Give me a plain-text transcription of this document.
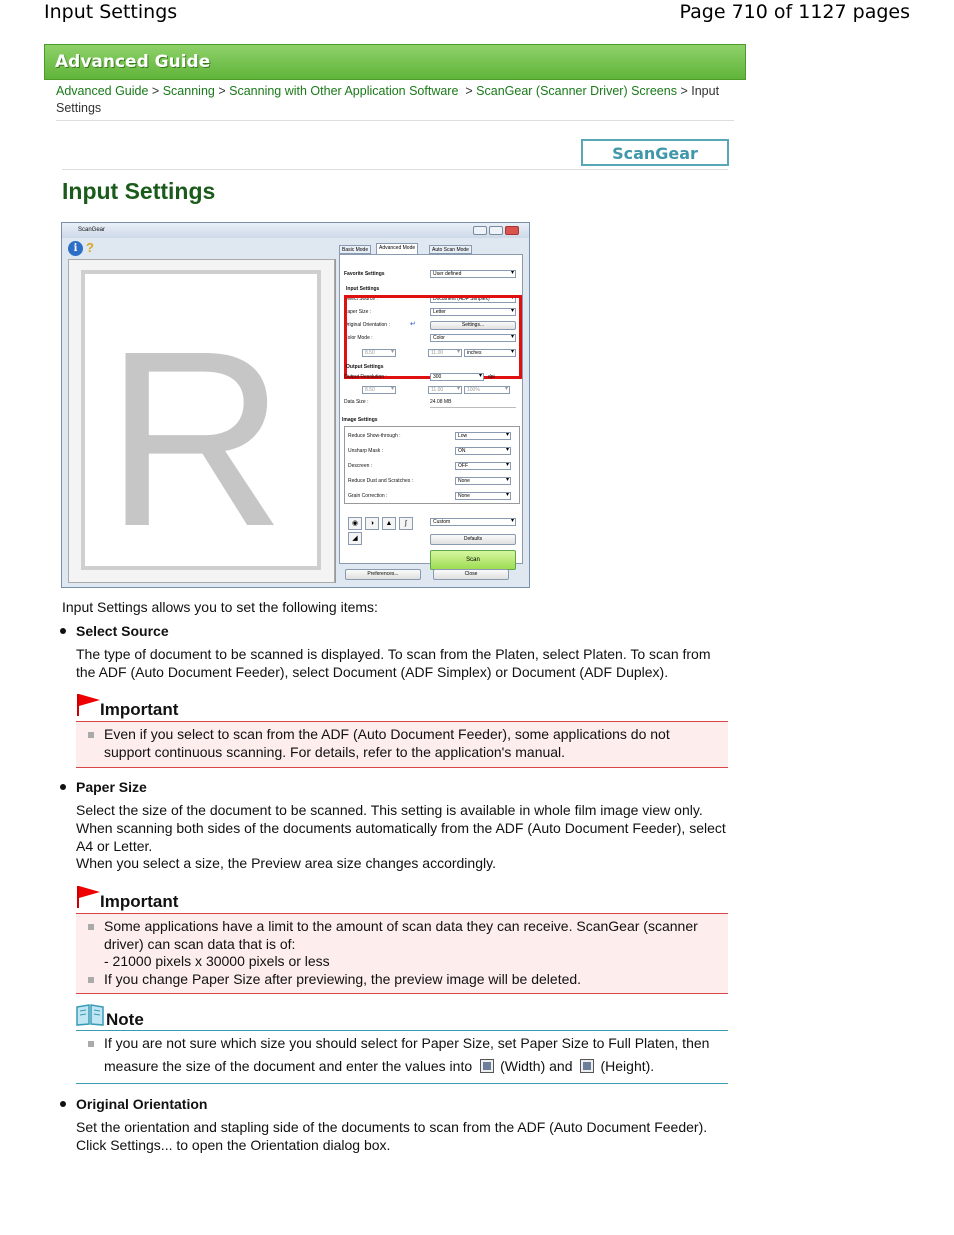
Input Settings	Page 710 of 1127 pages
Advanced Guide
Advanced Guide > Scanning > Scanning with Other Application Software > ScanGear (Scanner Driver) Screens > Input Settings
ScanGear
Input Settings
ScanGear
i ?
R
Basic Mode	Advanced Mode	Auto Scan Mode
Favorite Settings	User defined ▾
Input Settings
Select Source :	Document (ADF Simplex) ▾
Paper Size :	Letter ▾
Original Orientation :	↵	Settings...
Color Mode :	Color ▾
8.50 ▾	11.00 ▾	inches ▾
Output Settings
Output Resolution :	300 ▾	dpi
8.50 ▾	11.00 ▾	100% ▾
Data Size :	24.08 MB
Image Settings
Reduce Show-through :	Low ▾
Unsharp Mask :	ON ▾
Descreen :	OFF ▾
Reduce Dust and Scratches :	None ▾
Grain Correction :	None ▾
◉	◑	▲	∫
◢
Custom ▾
Defaults
Scan
Preferences...	Close
Input Settings allows you to set the following items:
Select Source
The type of document to be scanned is displayed. To scan from the Platen, select Platen. To scan from the ADF (Auto Document Feeder), select Document (ADF Simplex) or Document (ADF Duplex).
Important
Even if you select to scan from the ADF (Auto Document Feeder), some applications do not support continuous scanning. For details, refer to the application's manual.
Paper Size
Select the size of the document to be scanned. This setting is available in whole film image view only.
When scanning both sides of the documents automatically from the ADF (Auto Document Feeder), select A4 or Letter.
When you select a size, the Preview area size changes accordingly.
Important
Some applications have a limit to the amount of scan data they can receive. ScanGear (scanner driver) can scan data that is of:
- 21000 pixels x 30000 pixels or less
If you change Paper Size after previewing, the preview image will be deleted.
Note
If you are not sure which size you should select for Paper Size, set Paper Size to Full Platen, then
measure the size of the document and enter the values into (Width) and (Height).
Original Orientation
Set the orientation and stapling side of the documents to scan from the ADF (Auto Document Feeder). Click Settings... to open the Orientation dialog box.
